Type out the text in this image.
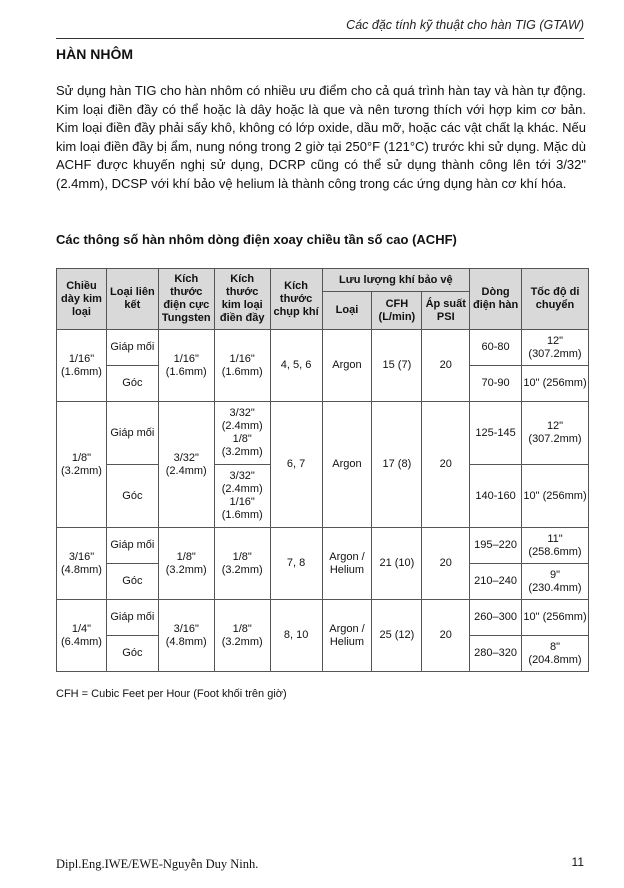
Các đặc tính kỹ thuật cho hàn TIG (GTAW)
HÀN NHÔM

Sử dụng hàn TIG cho hàn nhôm có nhiều ưu điểm cho cả quá trình hàn tay và hàn tự động. Kim loại điền đầy có thể hoặc là dây hoặc là que và nên tương thích với hợp kim cơ bản. Kim loại điền đầy phải sấy khô, không có lớp oxide, dầu mỡ, hoặc các vật chất lạ khác. Nếu kim loại điền đầy bị ẩm, nung nóng trong 2 giờ tại 250°F (121°C) trước khi sử dụng. Mặc dù ACHF được khuyến nghị sử dụng, DCRP cũng có thể sử dụng thành công lên tới 3/32" (2.4mm), DCSP với khí bảo vệ helium là thành công trong các ứng dụng hàn cơ khí hóa.

Các thông số hàn nhôm dòng điện xoay chiều tần số cao (ACHF)
Chiều dày kim loại	Loại liên kết	Kích thước điện cực Tungsten	Kích thước kim loại điền đầy	Kích thước chụp khí	Lưu lượng khí bảo vệ			Dòng điện hàn	Tốc độ di chuyển
					Loại	CFH (L/min)	Áp suất PSI		
1/16" (1.6mm)	Giáp mối	1/16" (1.6mm)	1/16" (1.6mm)	4, 5, 6	Argon	15 (7)	20	60-80	12" (307.2mm)
	Góc							70-90	10" (256mm)
1/8" (3.2mm)	Giáp mối	3/32" (2.4mm)	3/32" (2.4mm) 1/8" (3.2mm)	6, 7	Argon	17 (8)	20	125-145	12" (307.2mm)
	Góc		3/32" (2.4mm) 1/16" (1.6mm)					140-160	10" (256mm)
3/16" (4.8mm)	Giáp mối	1/8" (3.2mm)	1/8" (3.2mm)	7, 8	Argon / Helium	21 (10)	20	195–220	11" (258.6mm)
	Góc							210–240	9" (230.4mm)
1/4" (6.4mm)	Giáp mối	3/16" (4.8mm)	1/8" (3.2mm)	8, 10	Argon / Helium	25 (12)	20	260–300	10" (256mm)
	Góc							280–320	8" (204.8mm)
CFH = Cubic Feet per Hour (Foot khối trên giờ)
Dipl.Eng.IWE/EWE-Nguyễn Duy Ninh.	11
